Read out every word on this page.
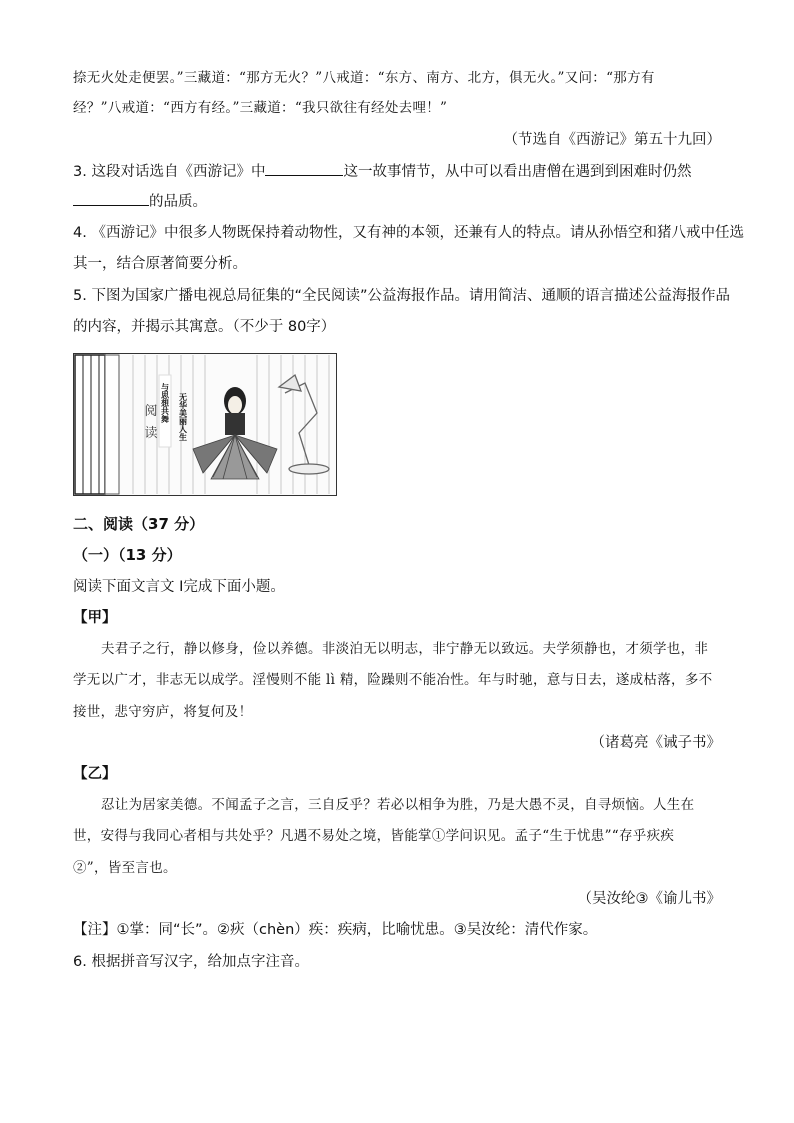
捺无火处走便罢。”三藏道：“那方无火？”八戒道：“东方、南方、北方，俱无火。”又问：“那方有
经？”八戒道：“西方有经。”三藏道：“我只欲往有经处去哩！”
（节选自《西游记》第五十九回）
3. 这段对话选自《西游记》中	这一故事情节，从中可以看出唐僧在遇到到困难时仍然
的品质。
4. 《西游记》中很多人物既保持着动物性，又有神的本领，还兼有人的特点。请从孙悟空和猪八戒中任选
其一，结合原著简要分析。
5. 下图为国家广播电视总局征集的“全民阅读”公益海报作品。请用简洁、通顺的语言描述公益海报作品
的内容，并揭示其寓意。（不少于 80字）
阅
读
与思想共舞 无华美丽人生
二、阅读（37 分）
（一）（13 分）
阅读下面文言文 I完成下面小题。
【甲】
夫君子之行，静以修身，俭以养德。非淡泊无以明志，非宁静无以致远。夫学须静也，才须学也，非
学无以广才，非志无以成学。淫慢则不能 lì 精，险躁则不能冶性。年与时驰，意与日去，遂成枯落，多不
接世，悲守穷庐，将复何及！
（诸葛亮《诫子书》
【乙】
忍让为居家美德。不闻孟子之言，三自反乎？若必以相争为胜，乃是大愚不灵，自寻烦恼。人生在
世，安得与我同心者相与共处乎？凡遇不易处之境，皆能掌①学问识见。孟子“生于忧患”“存乎疢疾
②”，皆至言也。
（吴汝纶③《谕儿书》
【注】①掌：同“长”。②疢（chèn）疾：疾病，比喻忧患。③吴汝纶：清代作家。
6. 根据拼音写汉字，给加点字注音。
